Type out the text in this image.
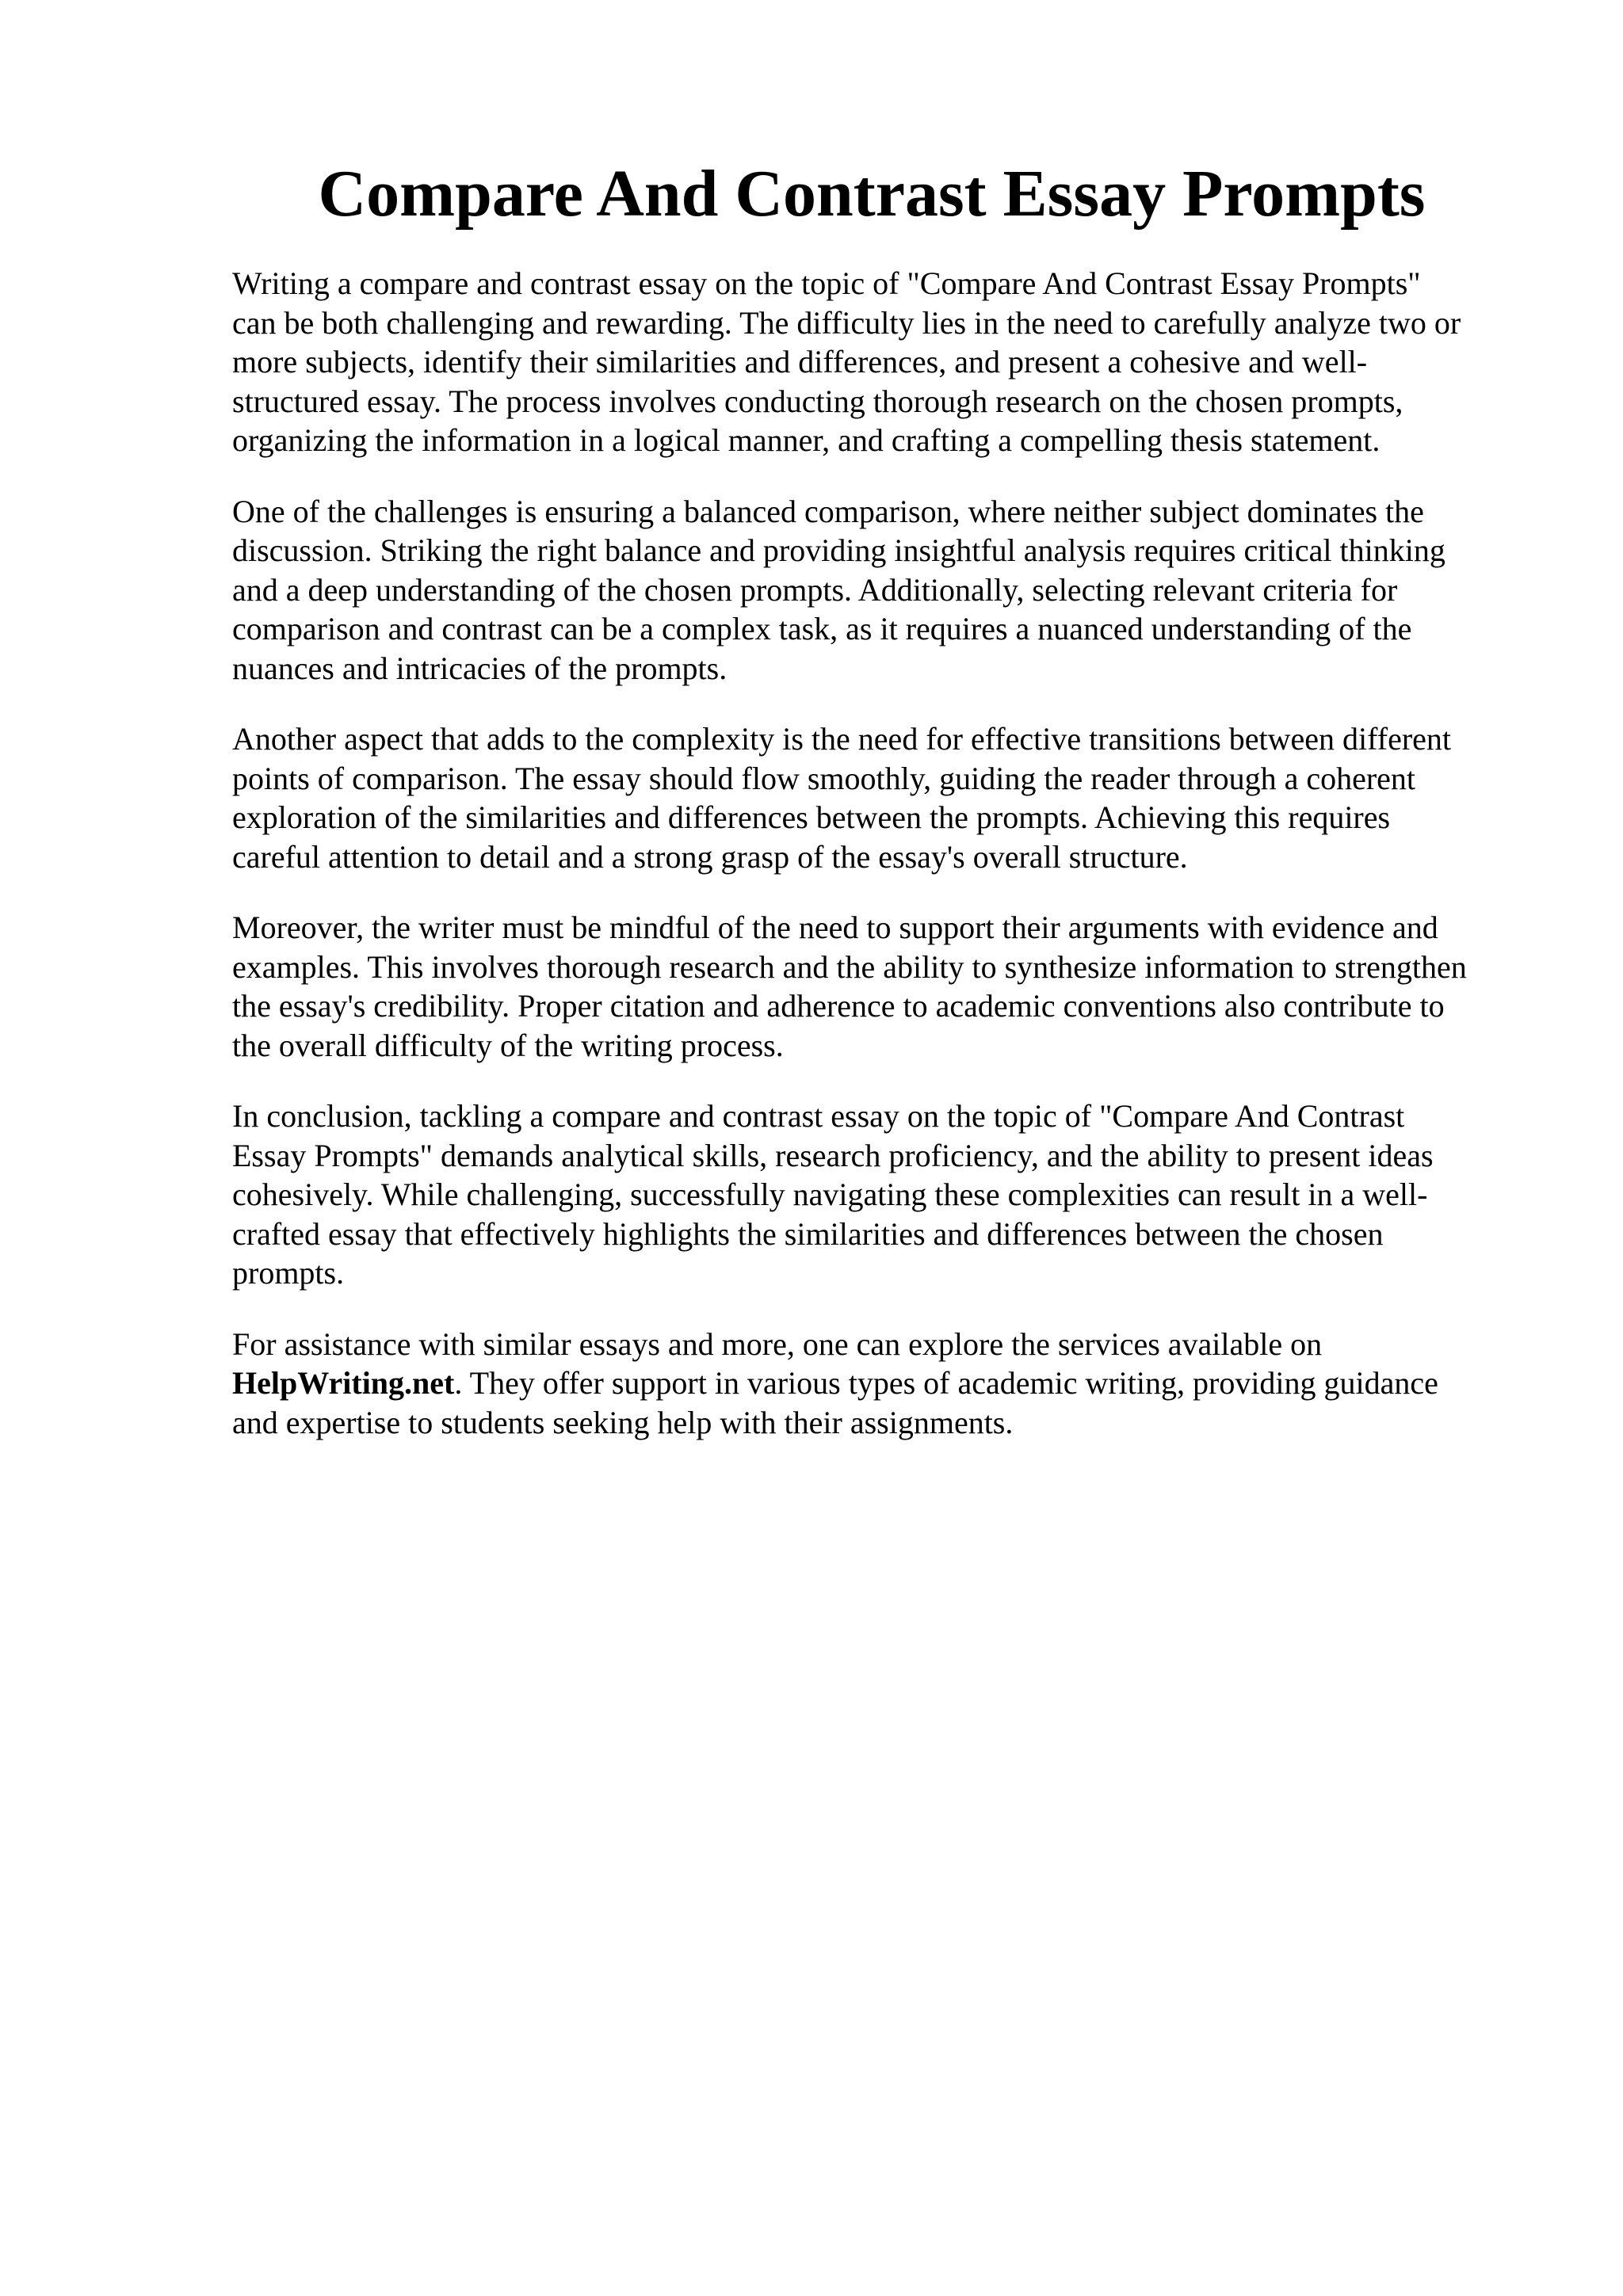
Compare And Contrast Essay Prompts

Writing a compare and contrast essay on the topic of "Compare And Contrast Essay Prompts"
can be both challenging and rewarding. The difficulty lies in the need to carefully analyze two or
more subjects, identify their similarities and differences, and present a cohesive and well-
structured essay. The process involves conducting thorough research on the chosen prompts,
organizing the information in a logical manner, and crafting a compelling thesis statement.

One of the challenges is ensuring a balanced comparison, where neither subject dominates the
discussion. Striking the right balance and providing insightful analysis requires critical thinking
and a deep understanding of the chosen prompts. Additionally, selecting relevant criteria for
comparison and contrast can be a complex task, as it requires a nuanced understanding of the
nuances and intricacies of the prompts.

Another aspect that adds to the complexity is the need for effective transitions between different
points of comparison. The essay should flow smoothly, guiding the reader through a coherent
exploration of the similarities and differences between the prompts. Achieving this requires
careful attention to detail and a strong grasp of the essay's overall structure.

Moreover, the writer must be mindful of the need to support their arguments with evidence and
examples. This involves thorough research and the ability to synthesize information to strengthen
the essay's credibility. Proper citation and adherence to academic conventions also contribute to
the overall difficulty of the writing process.

In conclusion, tackling a compare and contrast essay on the topic of "Compare And Contrast
Essay Prompts" demands analytical skills, research proficiency, and the ability to present ideas
cohesively. While challenging, successfully navigating these complexities can result in a well-
crafted essay that effectively highlights the similarities and differences between the chosen
prompts.

For assistance with similar essays and more, one can explore the services available on
HelpWriting.net. They offer support in various types of academic writing, providing guidance
and expertise to students seeking help with their assignments.
